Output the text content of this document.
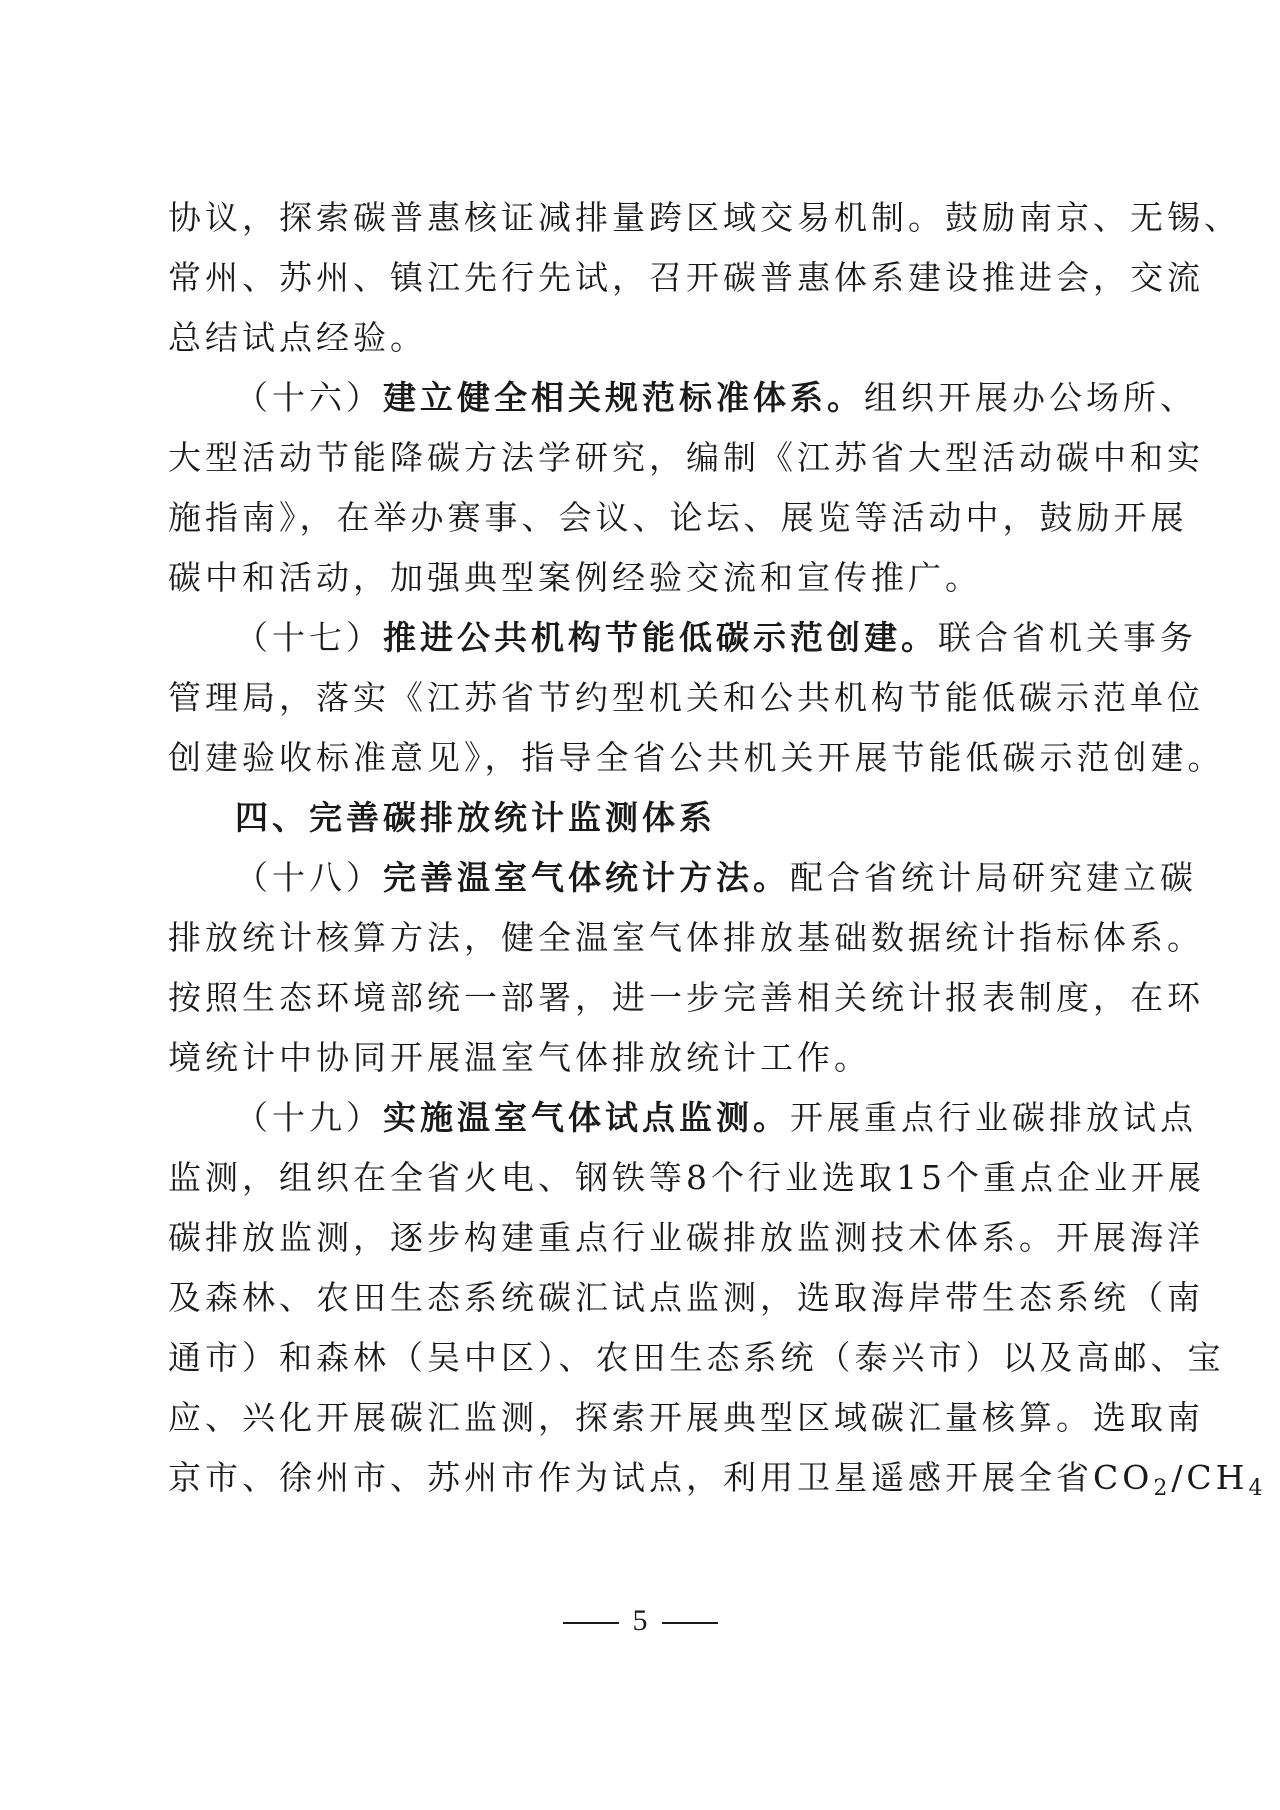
协议，探索碳普惠核证减排量跨区域交易机制。鼓励南京、无锡、
常州、苏州、镇江先行先试，召开碳普惠体系建设推进会，交流
总结试点经验。
（十六）建立健全相关规范标准体系。组织开展办公场所、
大型活动节能降碳方法学研究，编制《江苏省大型活动碳中和实
施指南》，在举办赛事、会议、论坛、展览等活动中，鼓励开展
碳中和活动，加强典型案例经验交流和宣传推广。
（十七）推进公共机构节能低碳示范创建。联合省机关事务
管理局，落实《江苏省节约型机关和公共机构节能低碳示范单位
创建验收标准意见》，指导全省公共机关开展节能低碳示范创建。
四、完善碳排放统计监测体系
（十八）完善温室气体统计方法。配合省统计局研究建立碳
排放统计核算方法，健全温室气体排放基础数据统计指标体系。
按照生态环境部统一部署，进一步完善相关统计报表制度，在环
境统计中协同开展温室气体排放统计工作。
（十九）实施温室气体试点监测。开展重点行业碳排放试点
监测，组织在全省火电、钢铁等8个行业选取15个重点企业开展
碳排放监测，逐步构建重点行业碳排放监测技术体系。开展海洋
及森林、农田生态系统碳汇试点监测，选取海岸带生态系统（南
通市）和森林（吴中区）、农田生态系统（泰兴市）以及高邮、宝
应、兴化开展碳汇监测，探索开展典型区域碳汇量核算。选取南
京市、徐州市、苏州市作为试点，利用卫星遥感开展全省$CO_2/CH_4$
5
